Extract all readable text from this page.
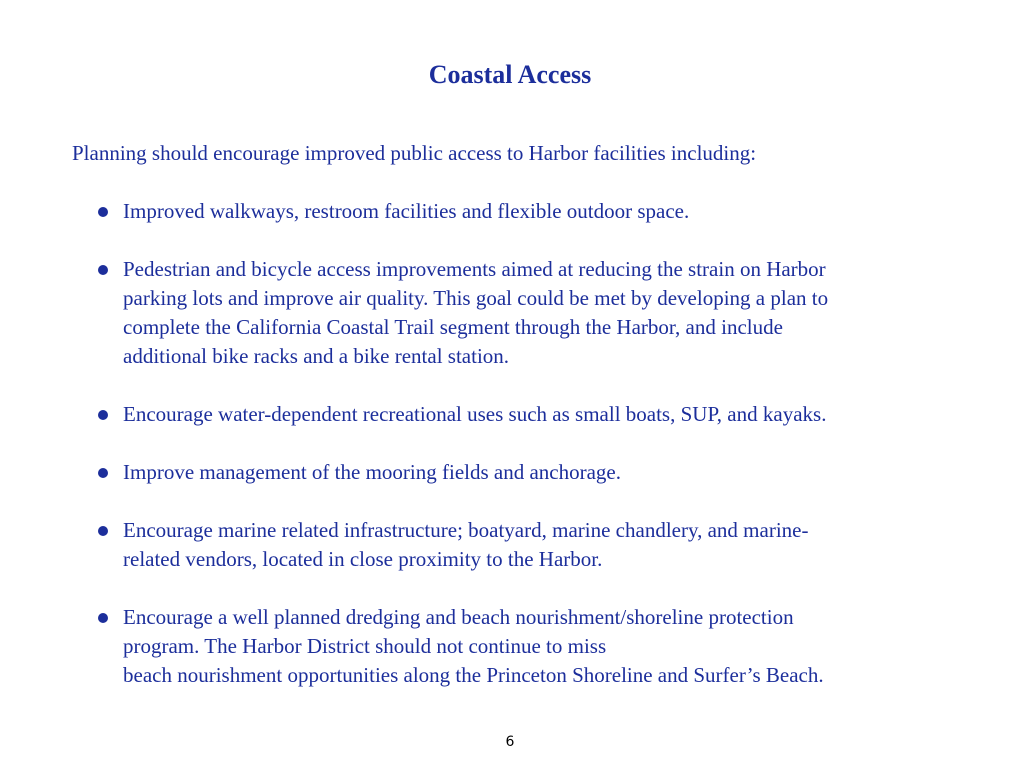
Coastal Access
Planning should encourage improved public access to Harbor facilities including:
Improved walkways, restroom facilities and flexible outdoor space.
Pedestrian and bicycle access improvements aimed at reducing the strain on Harbor
parking lots and improve air quality. This goal could be met by developing a plan to
complete the California Coastal Trail segment through the Harbor, and include
additional bike racks and a bike rental station.
Encourage water-dependent recreational uses such as small boats, SUP, and kayaks.
Improve management of the mooring fields and anchorage.
Encourage marine related infrastructure; boatyard, marine chandlery, and marine-
related vendors, located in close proximity to the Harbor.
Encourage a well planned dredging and beach nourishment/shoreline protection
program. The Harbor District should not continue to miss
beach nourishment opportunities along the Princeton Shoreline and Surfer’s Beach.
6
